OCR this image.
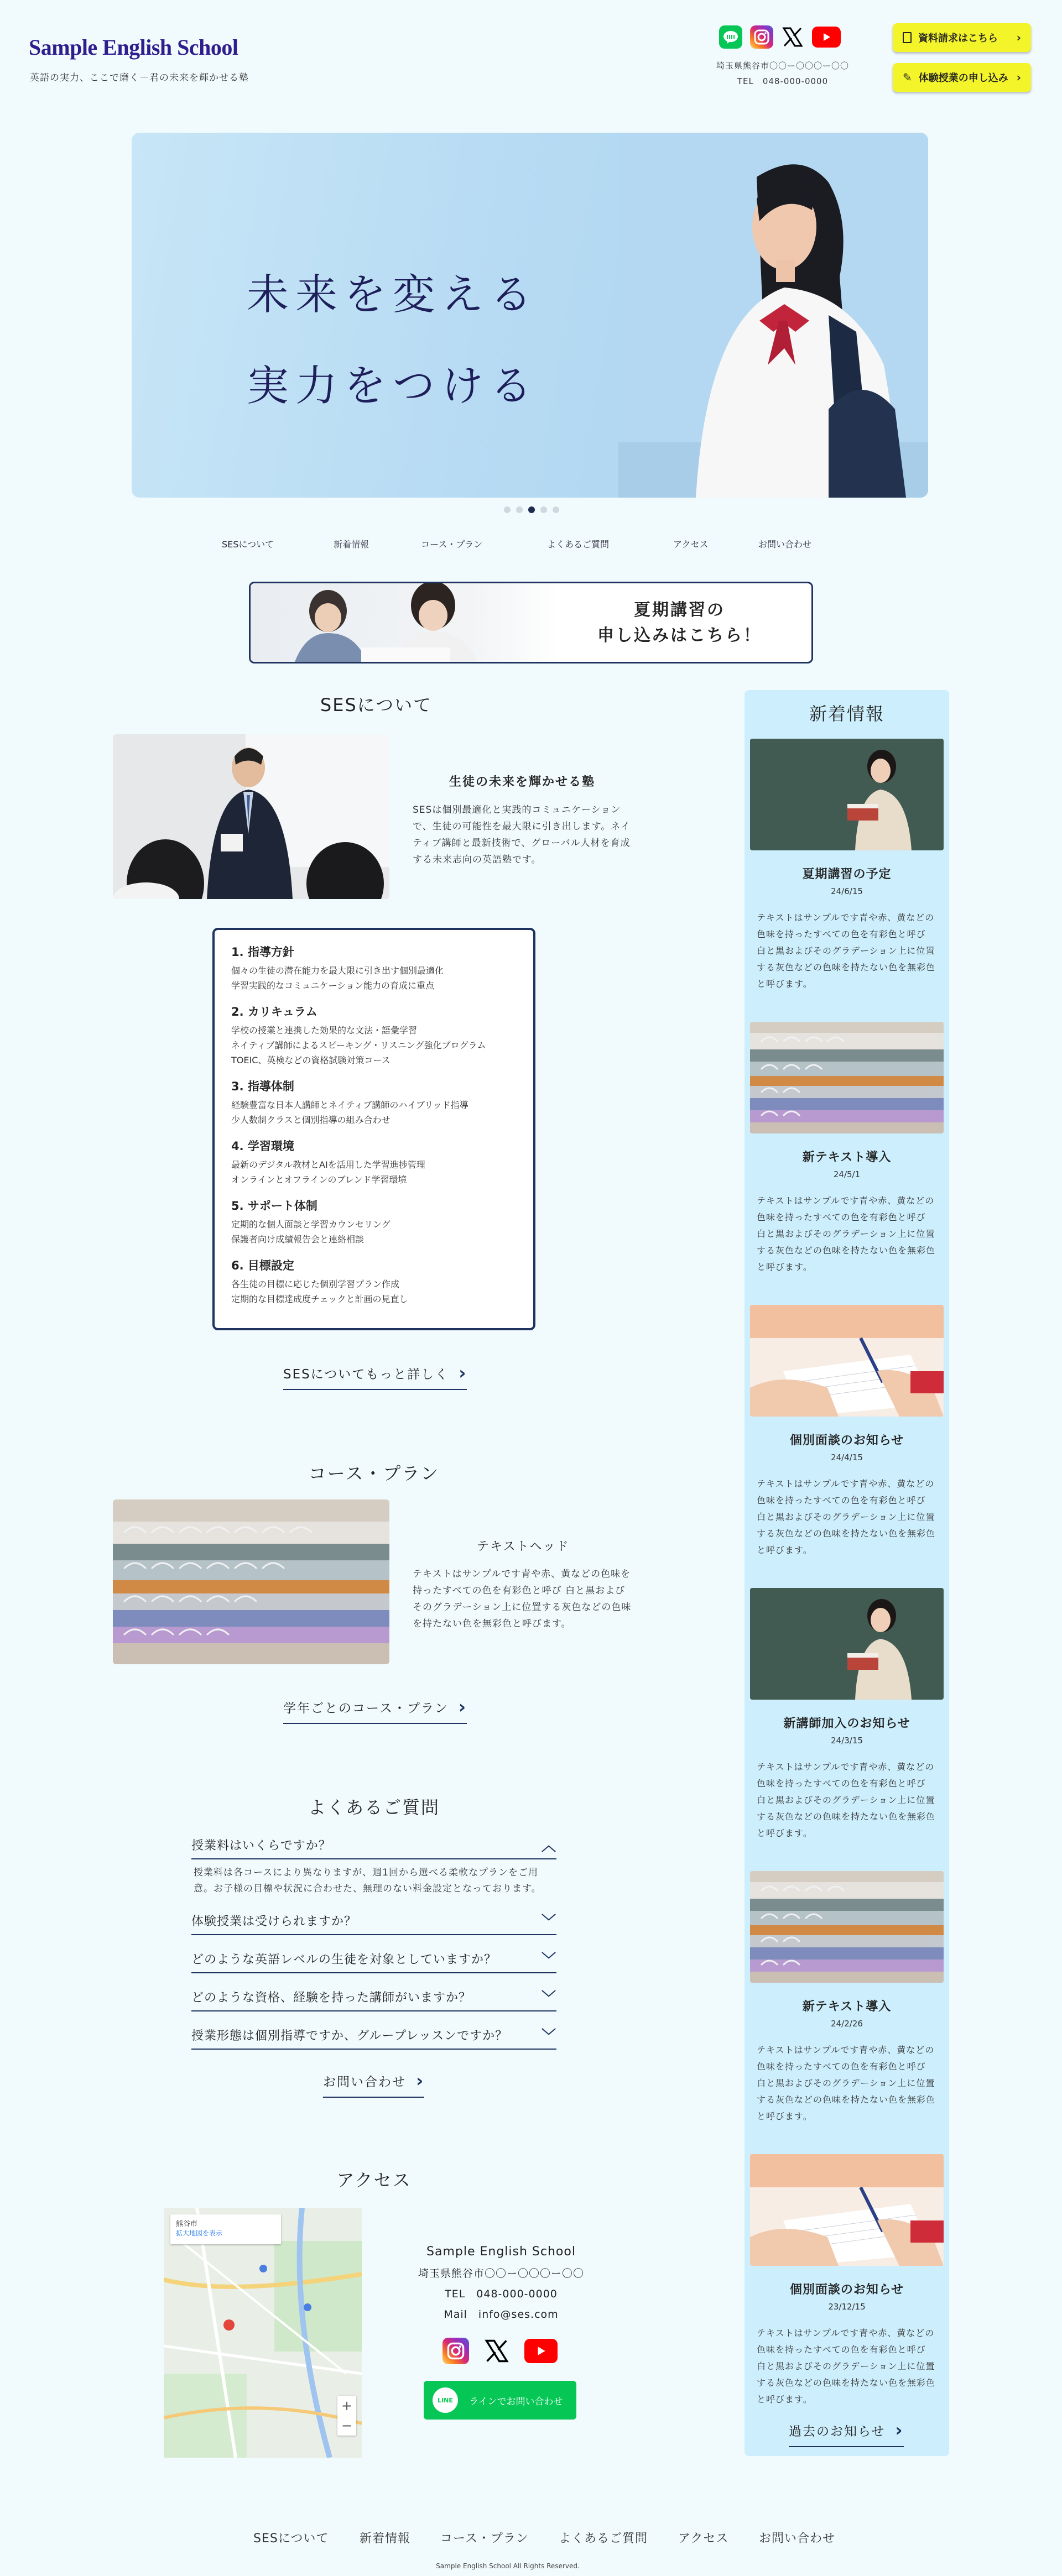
Sample English School
英語の実力、ここで磨く－君の未来を輝かせる塾
埼玉県熊谷市〇〇ー〇〇〇ー〇〇
TEL　048-000-0000
資料請求はこちら ›
✎ 体験授業の申し込み ›
未来を変える
実力をつける
SESについて	新着情報	コース・プラン	よくあるご質問	アクセス	お問い合わせ
夏期講習の
申し込みはこちら！
SESについて
生徒の未来を輝かせる塾
SESは個別最適化と実践的コミュニケーションで、生徒の可能性を最大限に引き出します。ネイティブ講師と最新技術で、グローバル人材を育成する未来志向の英語塾です。
1. 指導方針

個々の生徒の潜在能力を最大限に引き出す個別最適化

学習実践的なコミュニケーション能力の育成に重点

2. カリキュラム

学校の授業と連携した効果的な文法・語彙学習

ネイティブ講師によるスピーキング・リスニング強化プログラム

TOEIC、英検などの資格試験対策コース

3. 指導体制

経験豊富な日本人講師とネイティブ講師のハイブリッド指導

少人数制クラスと個別指導の組み合わせ

4. 学習環境

最新のデジタル教材とAIを活用した学習進捗管理

オンラインとオフラインのブレンド学習環境

5. サポート体制

定期的な個人面談と学習カウンセリング

保護者向け成績報告会と連絡相談

6. 目標設定

各生徒の目標に応じた個別学習プラン作成

定期的な目標達成度チェックと計画の見直し

SESについてもっと詳しく ›
コース・プラン
テキストヘッド
テキストはサンプルです青や赤、黄などの色味を持ったすべての色を有彩色と呼び 白と黒およびそのグラデーション上に位置する灰色などの色味を持たない色を無彩色と呼びます。
学年ごとのコース・プラン ›
よくあるご質問
授業料はいくらですか？	︿
授業料は各コースにより異なりますが、週1回から選べる柔軟なプランをご用意。お子様の目標や状況に合わせた、無理のない料金設定となっております。
体験授業は受けられますか？	﹀
どのような英語レベルの生徒を対象としていますか？	﹀
どのような資格、経験を持った講師がいますか？	﹀
授業形態は個別指導ですか、グループレッスンですか？ ﹀
お問い合わせ ›
アクセス
熊谷市
拡大地図を表示
+
−
Sample English School
埼玉県熊谷市〇〇ー〇〇〇ー〇〇
TEL　048-000-0000
Mail　info@ses.com
LINE	ラインでお問い合わせ
新着情報
夏期講習の予定
24/6/15
テキストはサンプルです青や赤、黄などの色味を持ったすべての色を有彩色と呼び 白と黒およびそのグラデーション上に位置する灰色などの色味を持たない色を無彩色と呼びます。
新テキスト導入
24/5/1
テキストはサンプルです青や赤、黄などの色味を持ったすべての色を有彩色と呼び 白と黒およびそのグラデーション上に位置する灰色などの色味を持たない色を無彩色と呼びます。
個別面談のお知らせ
24/4/15
テキストはサンプルです青や赤、黄などの色味を持ったすべての色を有彩色と呼び 白と黒およびそのグラデーション上に位置する灰色などの色味を持たない色を無彩色と呼びます。
新講師加入のお知らせ
24/3/15
テキストはサンプルです青や赤、黄などの色味を持ったすべての色を有彩色と呼び 白と黒およびそのグラデーション上に位置する灰色などの色味を持たない色を無彩色と呼びます。
新テキスト導入
24/2/26
テキストはサンプルです青や赤、黄などの色味を持ったすべての色を有彩色と呼び 白と黒およびそのグラデーション上に位置する灰色などの色味を持たない色を無彩色と呼びます。
個別面談のお知らせ
23/12/15
テキストはサンプルです青や赤、黄などの色味を持ったすべての色を有彩色と呼び 白と黒およびそのグラデーション上に位置する灰色などの色味を持たない色を無彩色と呼びます。
過去のお知らせ ›
SESについて	新着情報 コース・プラン よくあるご質問 アクセス お問い合わせ
Sample English School All Rights Reserved.
